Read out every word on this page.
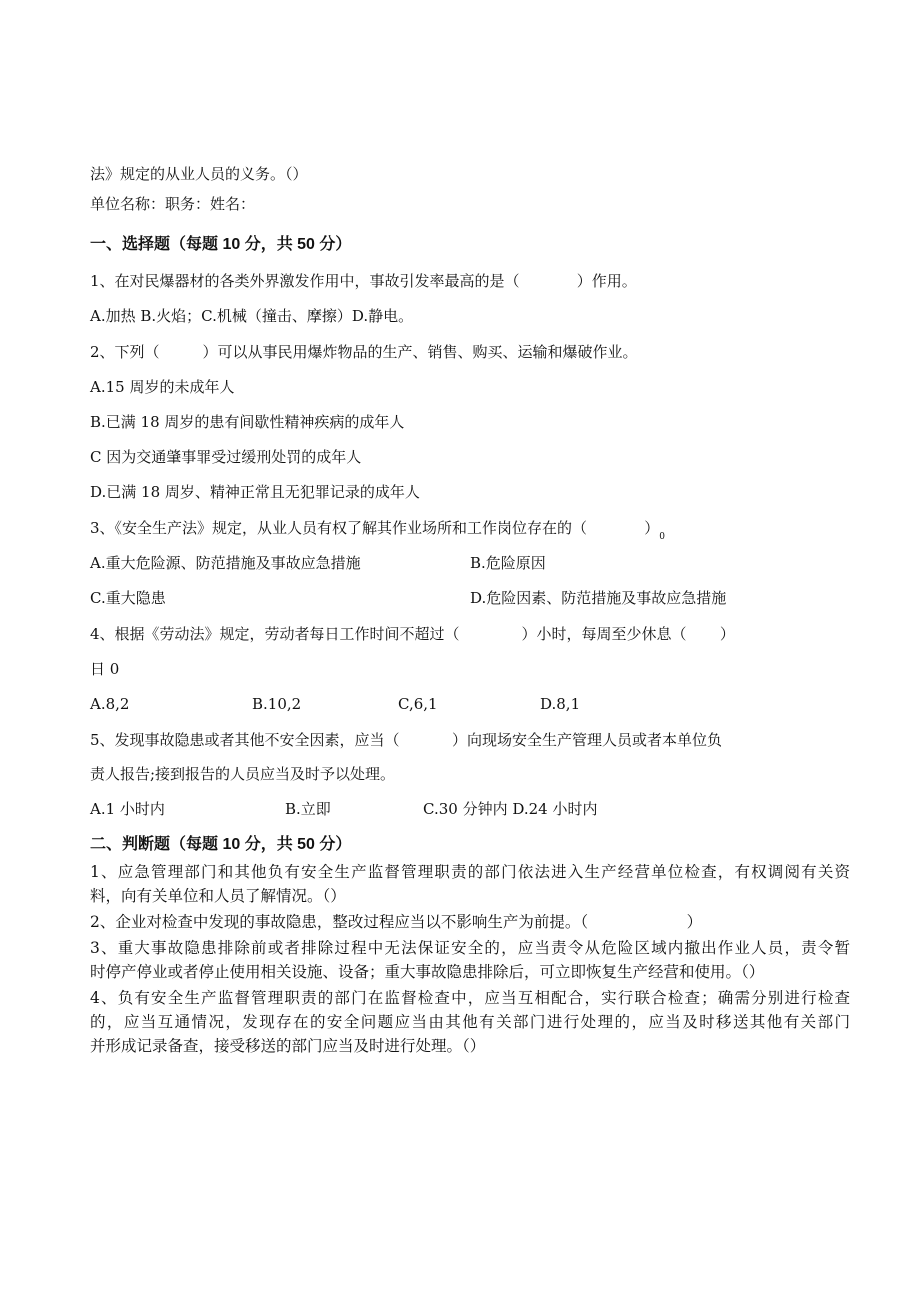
法》规定的从业人员的义务。（）
单位名称：职务：姓名：
一、选择题（每题 10 分，共 50 分）
1、在对民爆器材的各类外界激发作用中，事故引发率最高的是（            ）作用。
A.加热 B.火焰；C.机械（撞击、摩擦）D.静电。
2、下列（         ）可以从事民用爆炸物品的生产、销售、购买、运输和爆破作业。
A.15 周岁的未成年人
B.已满 18 周岁的患有间歇性精神疾病的成年人
C 因为交通肇事罪受过缓刑处罚的成年人
D.已满 18 周岁、精神正常且无犯罪记录的成年人
3、《安全生产法》规定，从业人员有权了解其作业场所和工作岗位存在的（            ）$_0$
A.重大危险源、防范措施及事故应急措施	B.危险原因
C.重大隐患	D.危险因素、防范措施及事故应急措施
4、根据《劳动法》规定，劳动者每日工作时间不超过（             ）小时，每周至少休息（       ）
日 0
A.8,2	B.10,2	C,6,1	D.8,1
5、发现事故隐患或者其他不安全因素，应当（           ）向现场安全生产管理人员或者本单位负
责人报告;接到报告的人员应当及时予以处理。
A.1 小时内	B.立即	C.30 分钟内 D.24 小时内
二、判断题（每题 10 分，共 50 分）
1、应急管理部门和其他负有安全生产监督管理职责的部门依法进入生产经营单位检查，有权调阅有关资
料，向有关单位和人员了解情况。（）
2、企业对检查中发现的事故隐患，整改过程应当以不影响生产为前提。（                    ）
3、重大事故隐患排除前或者排除过程中无法保证安全的，应当责令从危险区域内撤出作业人员，责令暂
时停产停业或者停止使用相关设施、设备；重大事故隐患排除后，可立即恢复生产经营和使用。（）
4、负有安全生产监督管理职责的部门在监督检查中，应当互相配合，实行联合检查；确需分别进行检查
的，应当互通情况，发现存在的安全问题应当由其他有关部门进行处理的，应当及时移送其他有关部门
并形成记录备查，接受移送的部门应当及时进行处理。（）
